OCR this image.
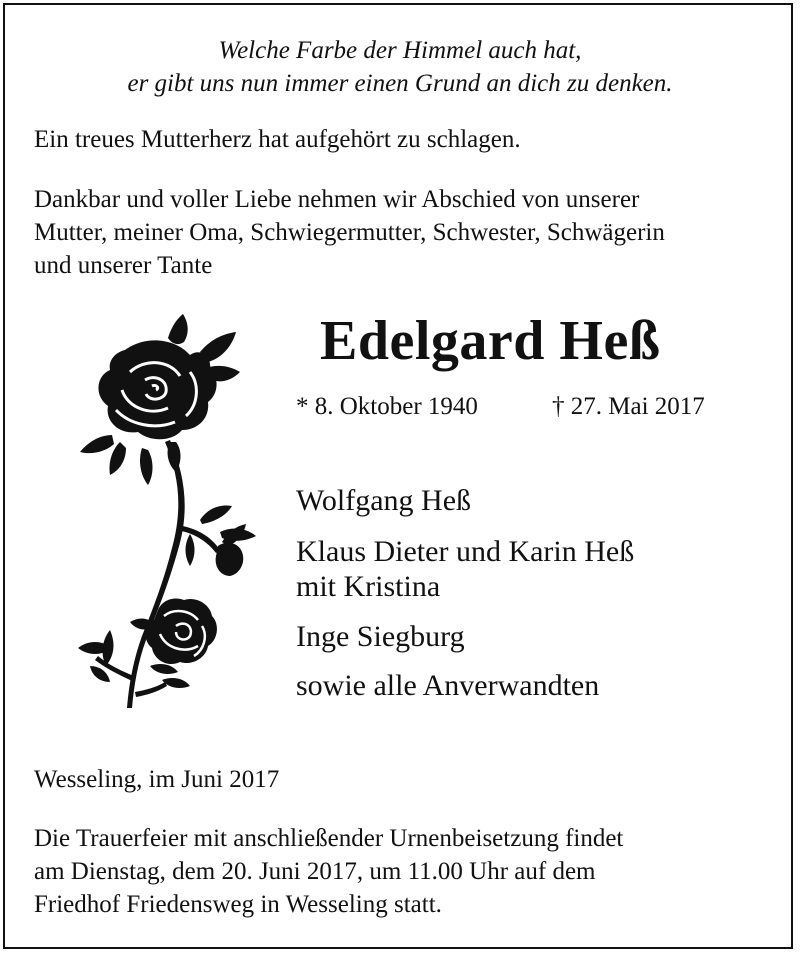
Welche Farbe der Himmel auch hat,
er gibt uns nun immer einen Grund an dich zu denken.
Ein treues Mutterherz hat aufgehört zu schlagen.
Dankbar und voller Liebe nehmen wir Abschied von unserer
Mutter, meiner Oma, Schwiegermutter, Schwester, Schwägerin
und unserer Tante
Edelgard Heß
* 8. Oktober 1940	† 27. Mai 2017
Wolfgang Heß
Klaus Dieter und Karin Heß
mit Kristina
Inge Siegburg
sowie alle Anverwandten
Wesseling, im Juni 2017
Die Trauerfeier mit anschließender Urnenbeisetzung findet
am Dienstag, dem 20. Juni 2017, um 11.00 Uhr auf dem
Friedhof Friedensweg in Wesseling statt.
